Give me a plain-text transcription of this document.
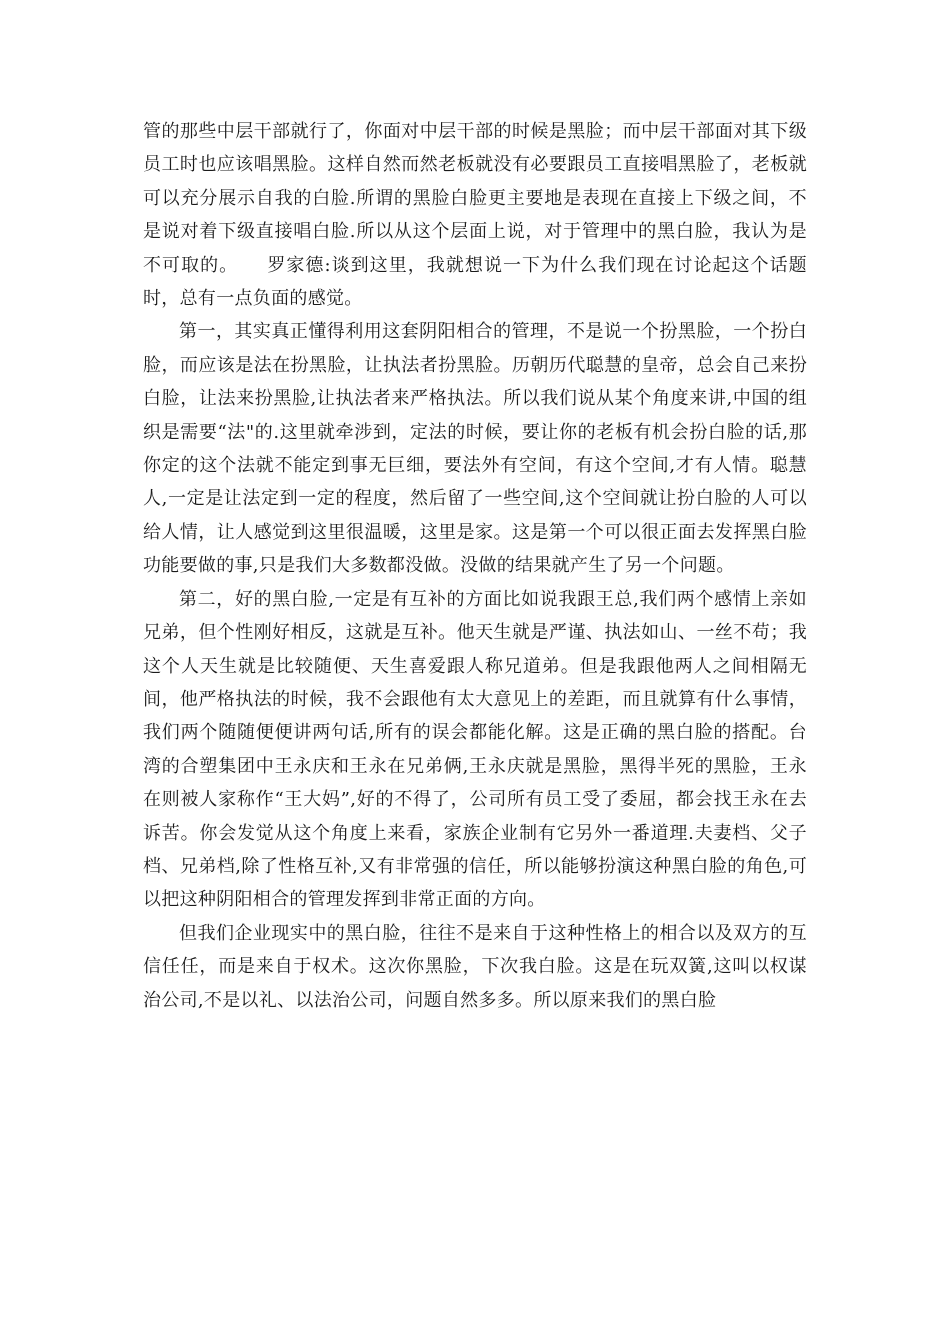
管的那些中层干部就行了，你面对中层干部的时候是黑脸；而中层干部面对其下级员工时也应该唱黑脸。这样自然而然老板就没有必要跟员工直接唱黑脸了，老板就可以充分展示自我的白脸.所谓的黑脸白脸更主要地是表现在直接上下级之间，不是说对着下级直接唱白脸.所以从这个层面上说，对于管理中的黑白脸，我认为是不可取的。　　罗家德:谈到这里，我就想说一下为什么我们现在讨论起这个话题时，总有一点负面的感觉。

第一，其实真正懂得利用这套阴阳相合的管理，不是说一个扮黑脸，一个扮白脸，而应该是法在扮黑脸，让执法者扮黑脸。历朝历代聪慧的皇帝，总会自己来扮白脸，让法来扮黑脸,让执法者来严格执法。所以我们说从某个角度来讲,中国的组织是需要“法"的.这里就牵涉到，定法的时候，要让你的老板有机会扮白脸的话,那你定的这个法就不能定到事无巨细，要法外有空间，有这个空间,才有人情。聪慧人,一定是让法定到一定的程度，然后留了一些空间,这个空间就让扮白脸的人可以给人情，让人感觉到这里很温暖，这里是家。这是第一个可以很正面去发挥黑白脸功能要做的事,只是我们大多数都没做。没做的结果就产生了另一个问题。

第二，好的黑白脸,一定是有互补的方面比如说我跟王总,我们两个感情上亲如兄弟，但个性刚好相反，这就是互补。他天生就是严谨、执法如山、一丝不苟；我这个人天生就是比较随便、天生喜爱跟人称兄道弟。但是我跟他两人之间相隔无间，他严格执法的时候，我不会跟他有太大意见上的差距，而且就算有什么事情，我们两个随随便便讲两句话,所有的误会都能化解。这是正确的黑白脸的搭配。台湾的合塑集团中王永庆和王永在兄弟俩,王永庆就是黑脸，黑得半死的黑脸，王永在则被人家称作“王大妈”,好的不得了，公司所有员工受了委屈，都会找王永在去诉苦。你会发觉从这个角度上来看，家族企业制有它另外一番道理.夫妻档、父子档、兄弟档,除了性格互补,又有非常强的信任，所以能够扮演这种黑白脸的角色,可以把这种阴阳相合的管理发挥到非常正面的方向。

但我们企业现实中的黑白脸，往往不是来自于这种性格上的相合以及双方的互信任任，而是来自于权术。这次你黑脸，下次我白脸。这是在玩双簧,这叫以权谋治公司,不是以礼、以法治公司，问题自然多多。所以原来我们的黑白脸
